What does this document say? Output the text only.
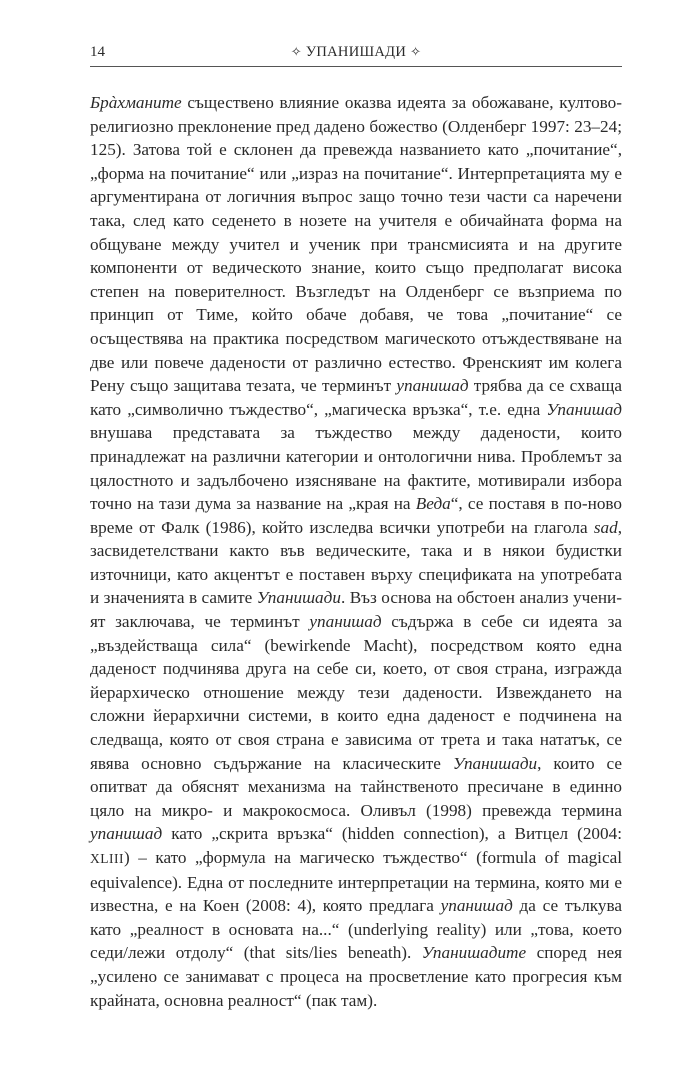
14	✧ УПАНИШАДИ ✧

Брàхманите съществено влияние оказва идеята за обожаване, култово-религиозно преклонение пред дадено божество (Олденберг 1997: 23–24; 125). Затова той е склонен да превежда названието като „почитание“, „форма на почитание“ или „израз на почитание“. Интерпретацията му е аргументирана от логичния въпрос защо точно тези части са наречени така, след като седенето в нозете на учителя е обичайната форма на общуване между учител и ученик при трансмисията и на другите компоненти от ведическото знание, които също предполагат висока степен на поверителност. Възгледът на Олденберг се възприема по принцип от Тиме, който обаче добавя, че това „почитание“ се осъществява на практика посредством магическото отъждествяване на две или повече дадености от различно естество. Френският им колега Рену също защитава тезата, че терминът упанишад трябва да се схваща като „символично тъждество“, „магическа връзка“, т.е. една Упанишад внушава представата за тъждество между дадености, които принадлежат на различни категории и онтологични нива. Проблемът за цялостното и задълбочено изясняване на фактите, мотивирали избора точно на тази дума за название на „края на Веда“, се поставя в по-ново време от Фалк (1986), който изследва всички употреби на глагола sad, засвидетелствани както във ведическите, така и в някои будистки източници, като акцентът е поставен върху спецификата на употребата и значенията в самите Упанишади. Въз основа на обстоен анализ ученият заключава, че терминът упанишад съдържа в себе си идеята за „въздействаща сила“ (bewirkende Macht), посредством която една даденост подчинява друга на себе си, което, от своя страна, изгражда йерархическо отношение между тези дадености. Извеждането на сложни йерархични системи, в които една даденост е подчинена на следваща, която от своя страна е зависима от трета и така нататък, се явява основно съдържание на класическите Упанишади, които се опитват да обяснят механизма на тайнственото пресичане в единно цяло на микро- и макрокосмоса. Оливъл (1998) превежда термина упанишад като „скрита връзка“ (hidden connection), а Витцел (2004: XLIII) – като „формула на магическо тъждество“ (formula of magical equivalence). Една от последните интерпретации на термина, която ми е известна, е на Коен (2008: 4), която предлага упанишад да се тълкува като „реалност в основата на...“ (underlying reality) или „това, което седи/лежи отдолу“ (that sits/lies beneath). Упанишадите според нея „усилено се занимават с процеса на просветление като прогресия към крайната, основна реалност“ (пак там).
